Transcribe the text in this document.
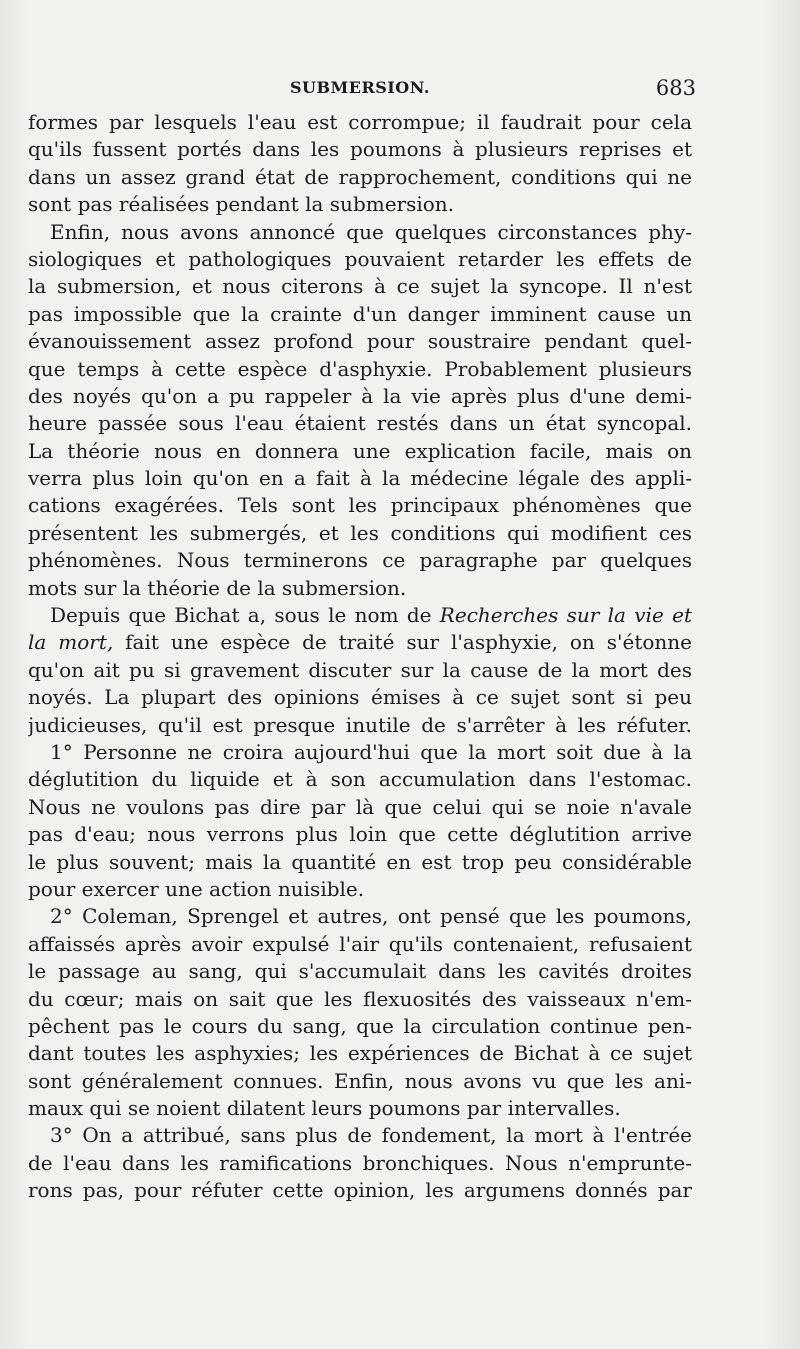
SUBMERSION.	683
formes par lesquels l'eau est corrompue; il faudrait pour cela
qu'ils fussent portés dans les poumons à plusieurs reprises et
dans un assez grand état de rapprochement, conditions qui ne
sont pas réalisées pendant la submersion.
Enfin, nous avons annoncé que quelques circonstances phy-
siologiques et pathologiques pouvaient retarder les effets de
la submersion, et nous citerons à ce sujet la syncope. Il n'est
pas impossible que la crainte d'un danger imminent cause un
évanouissement assez profond pour soustraire pendant quel-
que temps à cette espèce d'asphyxie. Probablement plusieurs
des noyés qu'on a pu rappeler à la vie après plus d'une demi-
heure passée sous l'eau étaient restés dans un état syncopal.
La théorie nous en donnera une explication facile, mais on
verra plus loin qu'on en a fait à la médecine légale des appli-
cations exagérées. Tels sont les principaux phénomènes que
présentent les submergés, et les conditions qui modifient ces
phénomènes. Nous terminerons ce paragraphe par quelques
mots sur la théorie de la submersion.
Depuis que Bichat a, sous le nom de Recherches sur la vie et
la mort, fait une espèce de traité sur l'asphyxie, on s'étonne
qu'on ait pu si gravement discuter sur la cause de la mort des
noyés. La plupart des opinions émises à ce sujet sont si peu
judicieuses, qu'il est presque inutile de s'arrêter à les réfuter.
1° Personne ne croira aujourd'hui que la mort soit due à la
déglutition du liquide et à son accumulation dans l'estomac.
Nous ne voulons pas dire par là que celui qui se noie n'avale
pas d'eau; nous verrons plus loin que cette déglutition arrive
le plus souvent; mais la quantité en est trop peu considérable
pour exercer une action nuisible.
2° Coleman, Sprengel et autres, ont pensé que les poumons,
affaissés après avoir expulsé l'air qu'ils contenaient, refusaient
le passage au sang, qui s'accumulait dans les cavités droites
du cœur; mais on sait que les flexuosités des vaisseaux n'em-
pêchent pas le cours du sang, que la circulation continue pen-
dant toutes les asphyxies; les expériences de Bichat à ce sujet
sont généralement connues. Enfin, nous avons vu que les ani-
maux qui se noient dilatent leurs poumons par intervalles.
3° On a attribué, sans plus de fondement, la mort à l'entrée
de l'eau dans les ramifications bronchiques. Nous n'emprunte-
rons pas, pour réfuter cette opinion, les argumens donnés par
